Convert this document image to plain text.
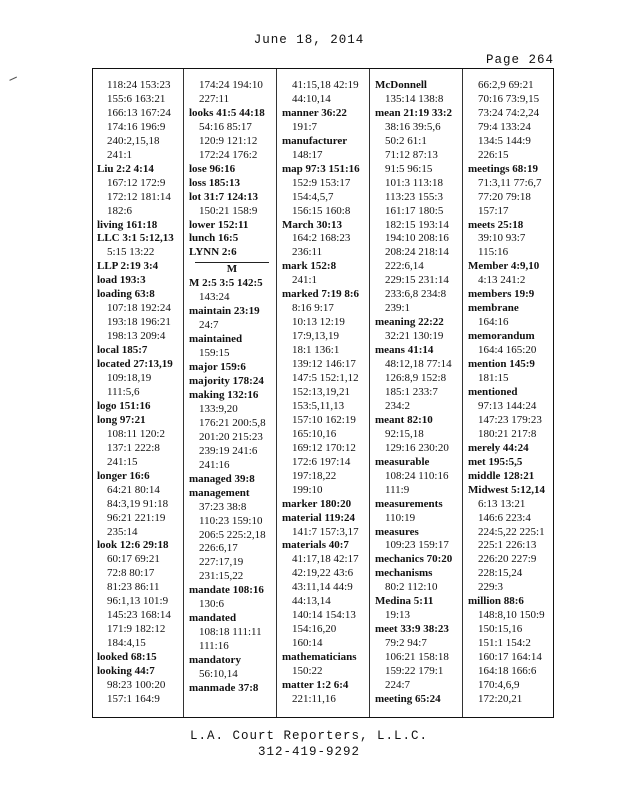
June 18, 2014
Page 264
118:24 153:23
155:6 163:21
166:13 167:24
174:16 196:9
240:2,15,18
241:1
Liu 2:2 4:14
167:12 172:9
172:12 181:14
182:6
living 161:18
LLC 3:1 5:12,13
5:15 13:22
LLP 2:19 3:4
load 193:3
loading 63:8
107:18 192:24
193:18 196:21
198:13 209:4
local 185:7
located 27:13,19
109:18,19
111:5,6
logo 151:16
long 97:21
108:11 120:2
137:1 222:8
241:15
longer 16:6
64:21 80:14
84:3,19 91:18
96:21 221:19
235:14
look 12:6 29:18
60:17 69:21
72:8 80:17
81:23 86:11
96:1,13 101:9
145:23 168:14
171:9 182:12
184:4,15
looked 68:15
looking 44:7
98:23 100:20
157:1 164:9
174:24 194:10
227:11
looks 41:5 44:18
54:16 85:17
120:9 121:12
172:24 176:2
lose 96:16
loss 185:13
lot 31:7 124:13
150:21 158:9
lower 152:11
lunch 16:5
LYNN 2:6
M
M 2:5 3:5 142:5
143:24
maintain 23:19
24:7
maintained
159:15
major 159:6
majority 178:24
making 132:16
133:9,20
176:21 200:5,8
201:20 215:23
239:19 241:6
241:16
managed 39:8
management
37:23 38:8
110:23 159:10
206:5 225:2,18
226:6,17
227:17,19
231:15,22
mandate 108:16
130:6
mandated
108:18 111:11
111:16
mandatory
56:10,14
manmade 37:8
41:15,18 42:19
44:10,14
manner 36:22
191:7
manufacturer
148:17
map 97:3 151:16
152:9 153:17
154:4,5,7
156:15 160:8
March 30:13
164:2 168:23
236:11
mark 152:8
241:1
marked 7:19 8:6
8:16 9:17
10:13 12:19
17:9,13,19
18:1 136:1
139:12 146:17
147:5 152:1,12
152:13,19,21
153:5,11,13
157:10 162:19
165:10,16
169:12 170:12
172:6 197:14
197:18,22
199:10
marker 180:20
material 119:24
141:7 157:3,17
materials 40:7
41:17,18 42:17
42:19,22 43:6
43:11,14 44:9
44:13,14
140:14 154:13
154:16,20
160:14
mathematicians
150:22
matter 1:2 6:4
221:11,16
McDonnell
135:14 138:8
mean 21:19 33:2
38:16 39:5,6
50:2 61:1
71:12 87:13
91:5 96:15
101:3 113:18
113:23 155:3
161:17 180:5
182:15 193:14
194:10 208:16
208:24 218:14
222:6,14
229:15 231:14
233:6,8 234:8
239:1
meaning 22:22
32:21 130:19
means 41:14
48:12,18 77:14
126:8,9 152:8
185:1 233:7
234:2
meant 82:10
92:15,18
129:16 230:20
measurable
108:24 110:16
111:9
measurements
110:19
measures
109:23 159:17
mechanics 70:20
mechanisms
80:2 112:10
Medina 5:11
19:13
meet 33:9 38:23
79:2 94:7
106:21 158:18
159:22 179:1
224:7
meeting 65:24
66:2,9 69:21
70:16 73:9,15
73:24 74:2,24
79:4 133:24
134:5 144:9
226:15
meetings 68:19
71:3,11 77:6,7
77:20 79:18
157:17
meets 25:18
39:10 93:7
115:16
Member 4:9,10
4:13 241:2
members 19:9
membrane
164:16
memorandum
164:4 165:20
mention 145:9
181:15
mentioned
97:13 144:24
147:23 179:23
180:21 217:8
merely 44:24
met 195:5,5
middle 128:21
Midwest 5:12,14
6:13 13:21
146:6 223:4
224:5,22 225:1
225:1 226:13
226:20 227:9
228:15,24
229:3
million 88:6
148:8,10 150:9
150:15,16
151:1 154:2
160:17 164:14
164:18 166:6
170:4,6,9
172:20,21
L.A. Court Reporters, L.L.C.
312-419-9292
